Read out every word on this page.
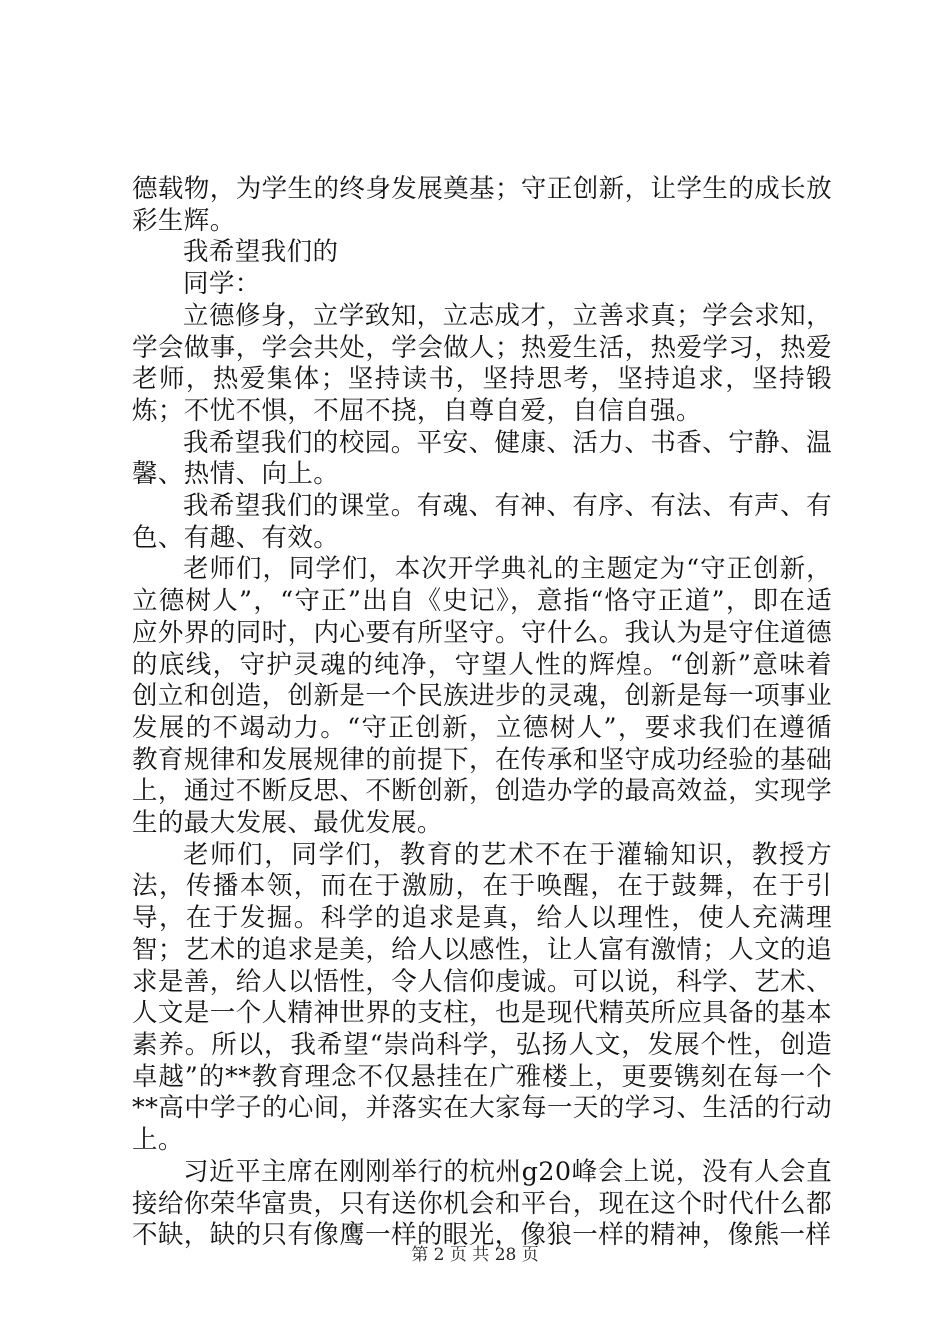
德载物，为学生的终身发展奠基；守正创新，让学生的成长放彩生辉。

我希望我们的

同学：

立德修身，立学致知，立志成才，立善求真；学会求知，学会做事，学会共处，学会做人；热爱生活，热爱学习，热爱老师，热爱集体；坚持读书，坚持思考，坚持追求，坚持锻炼；不忧不惧，不屈不挠，自尊自爱，自信自强。

我希望我们的校园。平安、健康、活力、书香、宁静、温馨、热情、向上。

我希望我们的课堂。有魂、有神、有序、有法、有声、有色、有趣、有效。

老师们，同学们，本次开学典礼的主题定为“守正创新，立德树人”，“守正”出自《史记》，意指“恪守正道”，即在适应外界的同时，内心要有所坚守。守什么。我认为是守住道德的底线，守护灵魂的纯净，守望人性的辉煌。“创新”意味着创立和创造，创新是一个民族进步的灵魂，创新是每一项事业发展的不竭动力。“守正创新，立德树人”，要求我们在遵循教育规律和发展规律的前提下，在传承和坚守成功经验的基础上，通过不断反思、不断创新，创造办学的最高效益，实现学生的最大发展、最优发展。

老师们，同学们，教育的艺术不在于灌输知识，教授方法，传播本领，而在于激励，在于唤醒，在于鼓舞，在于引导，在于发掘。科学的追求是真，给人以理性，使人充满理智；艺术的追求是美，给人以感性，让人富有激情；人文的追求是善，给人以悟性，令人信仰虔诚。可以说，科学、艺术、人文是一个人精神世界的支柱，也是现代精英所应具备的基本素养。所以，我希望“崇尚科学，弘扬人文，发展个性，创造卓越”的**教育理念不仅悬挂在广雅楼上，更要镌刻在每一个**高中学子的心间，并落实在大家每一天的学习、生活的行动上。

习近平主席在刚刚举行的杭州g20峰会上说，没有人会直接给你荣华富贵，只有送你机会和平台，现在这个时代什么都不缺，缺的只有像鹰一样的眼光，像狼一样的精神，像熊一样

第 2 页 共 28 页
